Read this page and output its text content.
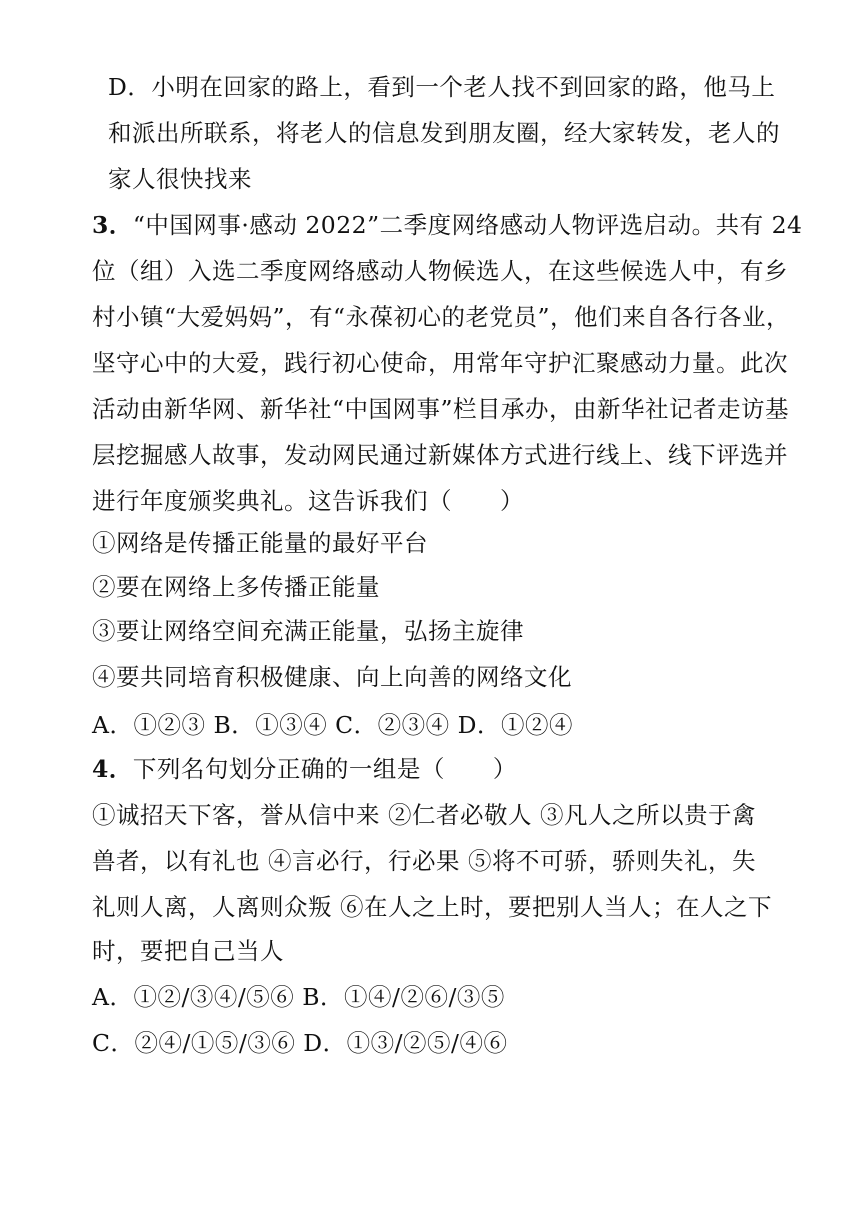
D．小明在回家的路上，看到一个老人找不到回家的路，他马上
和派出所联系，将老人的信息发到朋友圈，经大家转发，老人的
家人很快找来
3．“中国网事·感动 2022”二季度网络感动人物评选启动。共有 24
位（组）入选二季度网络感动人物候选人，在这些候选人中，有乡
村小镇“大爱妈妈”，有“永葆初心的老党员”，他们来自各行各业，
坚守心中的大爱，践行初心使命，用常年守护汇聚感动力量。此次
活动由新华网、新华社“中国网事”栏目承办，由新华社记者走访基
层挖掘感人故事，发动网民通过新媒体方式进行线上、线下评选并
进行年度颁奖典礼。这告诉我们（　　）
①网络是传播正能量的最好平台
②要在网络上多传播正能量
③要让网络空间充满正能量，弘扬主旋律
④要共同培育积极健康、向上向善的网络文化
A．①②③ B．①③④ C．②③④ D．①②④
4．下列名句划分正确的一组是（　　）
①诚招天下客，誉从信中来 ②仁者必敬人 ③凡人之所以贵于禽
兽者，以有礼也 ④言必行，行必果 ⑤将不可骄，骄则失礼，失
礼则人离，人离则众叛 ⑥在人之上时，要把别人当人；在人之下
时，要把自己当人
A．①②/③④/⑤⑥ B．①④/②⑥/③⑤
C．②④/①⑤/③⑥ D．①③/②⑤/④⑥
